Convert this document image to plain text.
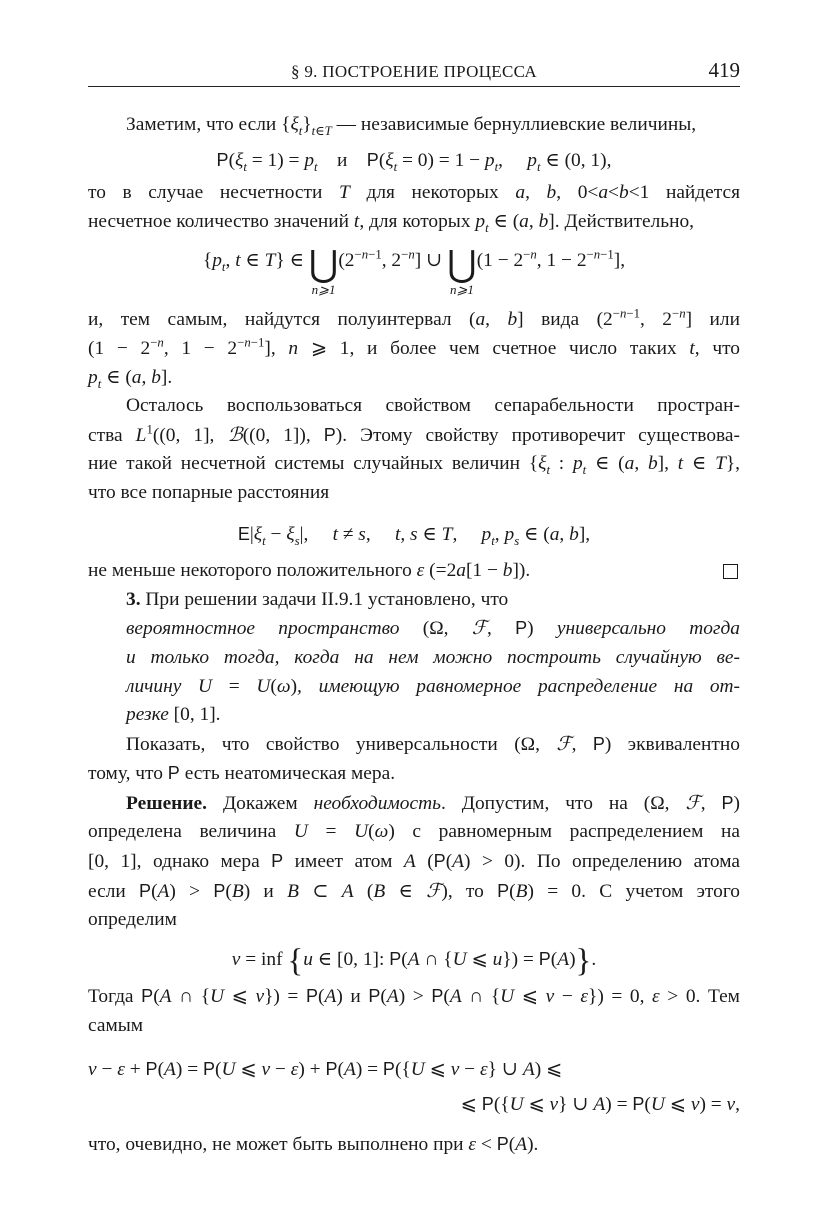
§ 9. ПОСТРОЕНИЕ ПРОЦЕССА	419

Заметим, что если $\{\xi_t\}_{t\in T}$ — независимые бернуллиевские величины,

$P(\xi_t = 1) = p_t$ и $P(\xi_t = 0) = 1 - p_t$,     $p_t$ ∈ (0, 1),

то в случае несчетности T для некоторых a, b, 0<a<b<1 найдется
несчетное количество значений t, для которых $p_t$ ∈ (a, b]. Действительно,

{$p_t$, t ∈ T} ∈ ⋃
n⩾1
($2^{-n-1}$, $2^{-n}$] ∪ ⋃
n⩾1
($1 - 2^{-n}$, $1 - 2^{-n-1}$],

и, тем самым, найдутся полуинтервал (a, b] вида ($2^{-n-1}$, $2^{-n}$] или
($1 - 2^{-n}$, $1 - 2^{-n-1}$], n ⩾ 1, и более чем счетное число таких t, что
$p_t$ ∈ (a, b].

Осталось воспользоваться свойством сепарабельности простран-
ства $L^1((0$, 1], ℬ((0, 1]), P). Этому свойству противоречит существова-
ние такой несчетной системы случайных величин {$\xi_t$ : $p_t$ ∈ (a, b], t ∈ T},
что все попарные расстояния

$E|\xi_t - \xi_s|$,     t ≠ s,     t, s ∈ T,     $p_t$, $p_s$ ∈ (a, b],

не меньше некоторого положительного ε (=2a[1 − b]).

3. При решении задачи II.9.1 установлено, что

вероятностное пространство (Ω, ℱ, P) универсально тогда
и только тогда, когда на нем можно построить случайную ве-
личину U = U(ω), имеющую равномерное распределение на от-
резке [0, 1].

Показать, что свойство универсальности (Ω, ℱ, P) эквивалентно
тому, что P есть неатомическая мера.

Решение. Докажем необходимость. Допустим, что на (Ω, ℱ, P)
определена величина U = U(ω) с равномерным распределением на
[0, 1], однако мера P имеет атом A (P(A) > 0). По определению атома
если P(A) > P(B) и B ⊂ A (B ∈ ℱ), то P(B) = 0. С учетом этого
определим

v = inf {u ∈ [0, 1]: P(A ∩ {U ⩽ u}) = P(A)}.

Тогда P(A ∩ {U ⩽ v}) = P(A) и P(A) > P(A ∩ {U ⩽ v − ε}) = 0, ε > 0. Тем
самым

v − ε + P(A) = P(U ⩽ v − ε) + P(A) = P({U ⩽ v − ε} ∪ A) ⩽
⩽ P({U ⩽ v} ∪ A) = P(U ⩽ v) = v,

что, очевидно, не может быть выполнено при ε < P(A).
